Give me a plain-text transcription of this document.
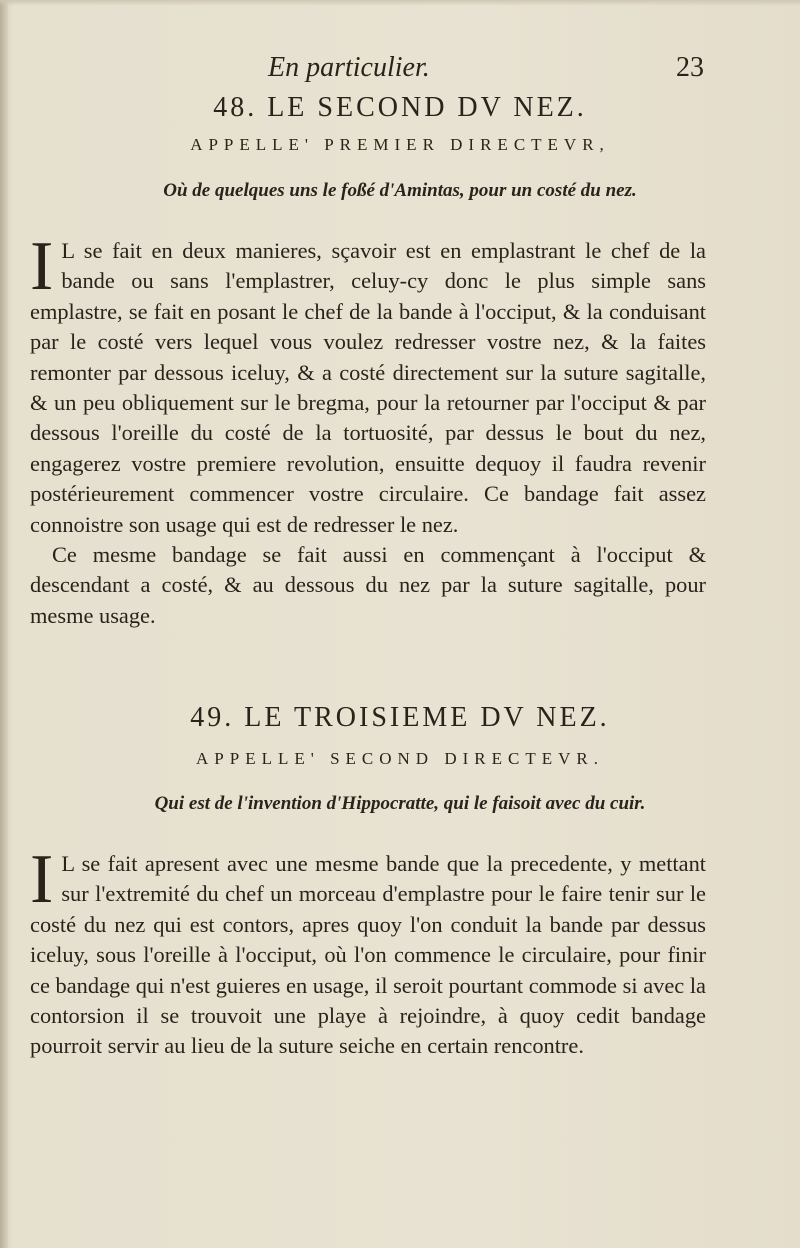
En particulier.	23
48. LE SECOND DV NEZ.
APPELLE' PREMIER DIRECTEVR,
Où de quelques uns le foßé d'Amintas, pour un costé du nez.
I L se fait en deux manieres, sçavoir est en emplastrant le chef de la bande ou sans l'emplastrer, celuy-cy donc le plus simple sans emplastre, se fait en posant le chef de la bande à l'occiput, & la conduisant par le costé vers lequel vous voulez redresser vostre nez, & la faites remonter par dessous iceluy, & a costé directement sur la suture sagitalle, & un peu obliquement sur le bregma, pour la retourner par l'occiput & par dessous l'oreille du costé de la tortuosité, par dessus le bout du nez, engagerez vostre premiere revolution, ensuitte dequoy il faudra revenir postérieurement commencer vostre circulaire. Ce bandage fait assez connoistre son usage qui est de redresser le nez.

Ce mesme bandage se fait aussi en commençant à l'occiput & descendant a costé, & au dessous du nez par la suture sagitalle, pour mesme usage.

49. LE TROISIEME DV NEZ.
APPELLE' SECOND DIRECTEVR.
Qui est de l'invention d'Hippocratte, qui le faisoit avec du cuir.
I L se fait apresent avec une mesme bande que la precedente, y mettant sur l'extremité du chef un morceau d'emplastre pour le faire tenir sur le costé du nez qui est contors, apres quoy l'on conduit la bande par dessus iceluy, sous l'oreille à l'occiput, où l'on commence le circulaire, pour finir ce bandage qui n'est guieres en usage, il seroit pourtant commode si avec la contorsion il se trouvoit une playe à rejoindre, à quoy cedit bandage pourroit servir au lieu de la suture seiche en certain rencontre.
